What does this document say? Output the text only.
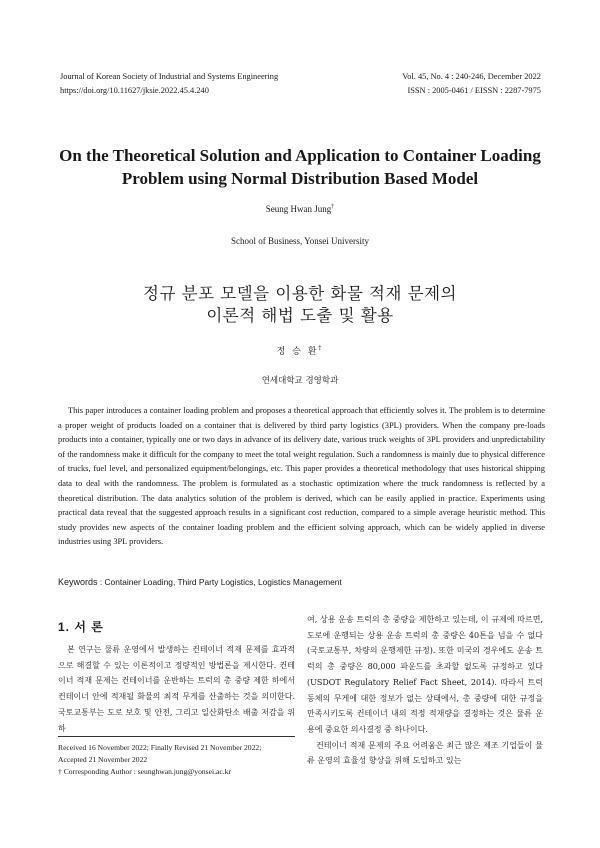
Journal of Korean Society of Industrial and Systems Engineering
https://doi.org/10.11627/jksie.2022.45.4.240
Vol. 45, No. 4 : 240-246, December 2022
ISSN : 2005-0461 / EISSN : 2287-7975
On the Theoretical Solution and Application to Container Loading Problem using Normal Distribution Based Model
Seung Hwan Jung†
School of Business, Yonsei University
정규 분포 모델을 이용한 화물 적재 문제의
이론적 해법 도출 및 활용
정 승 환†
연세대학교 경영학과

This paper introduces a container loading problem and proposes a theoretical approach that efficiently solves it. The problem is to determine a proper weight of products loaded on a container that is delivered by third party logistics (3PL) providers. When the company pre-loads products into a container, typically one or two days in advance of its delivery date, various truck weights of 3PL providers and unpredictability of the randomness make it difficult for the company to meet the total weight regulation. Such a randomness is mainly due to physical difference of trucks, fuel level, and personalized equipment/belongings, etc. This paper provides a theoretical methodology that uses historical shipping data to deal with the randomness. The problem is formulated as a stochastic optimization where the truck randomness is reflected by a theoretical distribution. The data analytics solution of the problem is derived, which can be easily applied in practice. Experiments using practical data reveal that the suggested approach results in a significant cost reduction, compared to a simple average heuristic method. This study provides new aspects of the container loading problem and the efficient solving approach, which can be widely applied in diverse industries using 3PL providers.

Keywords : Container Loading, Third Party Logistics, Logistics Management
1. 서 론

본 연구는 물류 운영에서 발생하는 컨테이너 적재 문제를 효과적으로 해결할 수 있는 이론적이고 정량적인 방법론을 제시한다. 컨테이너 적재 문제는 컨테이너를 운반하는 트럭의 총 중량 제한 하에서 컨테이너 안에 적재될 화물의 최적 무게를 산출하는 것을 의미한다. 국토교통부는 도로 보호 및 안전, 그리고 일산화탄소 배출 저감을 위하

여, 상용 운송 트럭의 총 중량을 제한하고 있는데, 이 규제에 따르면, 도로에 운행되는 상용 운송 트럭의 총 중량은 40톤을 넘을 수 없다(국토교통부, 차량의 운행제한 규정). 또한 미국의 경우에도 운송 트럭의 총 중량은 80,000 파운드를 초과할 없도록 규정하고 있다(USDOT Regulatory Relief Fact Sheet, 2014). 따라서 트럭 동체의 무게에 대한 정보가 없는 상태에서, 총 중량에 대한 규정을 만족시키도록 컨테이너 내의 적정 적재량을 결정하는 것은 물류 운용에 중요한 의사결정 중 하나이다.

컨테이너 적재 문제의 주요 어려움은 최근 많은 제조 기업들이 물류 운영의 효율성 향상을 위해 도입하고 있는

Received 16 November 2022; Finally Revised 21 November 2022;
Accepted 21 November 2022
† Corresponding Author : seunghwan.jung@yonsei.ac.kr
